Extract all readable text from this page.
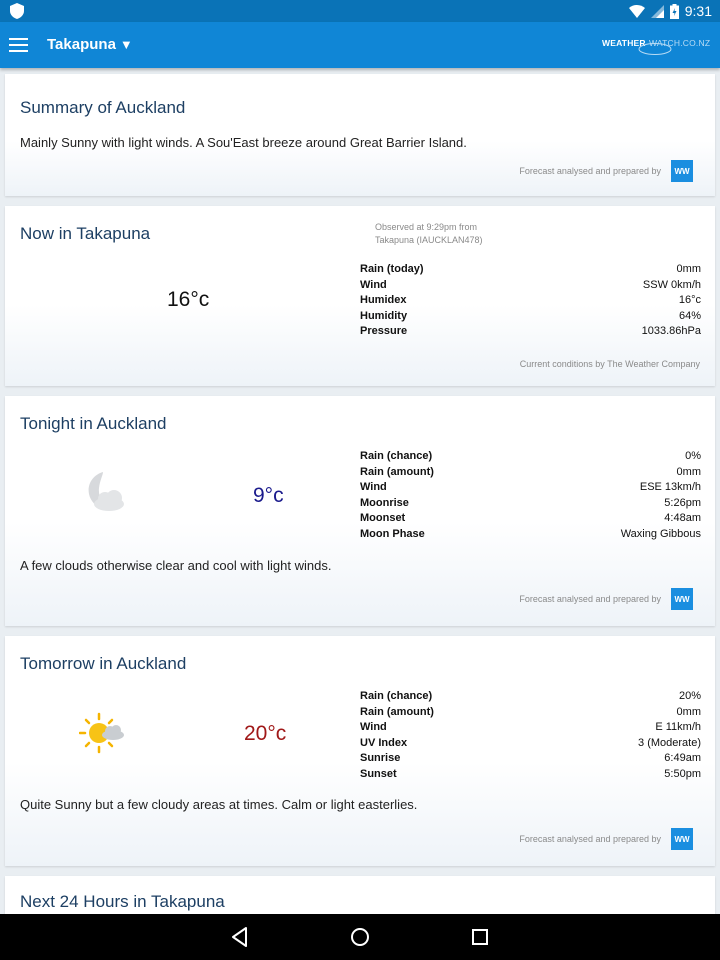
9:31
Takapuna ▼	WEATHER WATCH.CO.NZ
Summary of Auckland
Mainly Sunny with light winds. A Sou'East breeze around Great Barrier Island.
Forecast analysed and prepared by	WW
Now in Takapuna	Observed at 9:29pm from
Takapuna (IAUCKLAN478)
16°c
Rain (today)	0mm
Wind	SSW 0km/h
Humidex	16°c
Humidity	64%
Pressure	1033.86hPa
Current conditions by The Weather Company
Tonight in Auckland
9°c
Rain (chance)	0%
Rain (amount)	0mm
Wind	ESE 13km/h
Moonrise	5:26pm
Moonset	4:48am
Moon Phase	Waxing Gibbous
A few clouds otherwise clear and cool with light winds.
Forecast analysed and prepared by	WW
Tomorrow in Auckland
20°c
Rain (chance)	20%
Rain (amount)	0mm
Wind	E 11km/h
UV Index	3 (Moderate)
Sunrise	6:49am
Sunset	5:50pm
Quite Sunny but a few cloudy areas at times. Calm or light easterlies.
Forecast analysed and prepared by	WW
Next 24 Hours in Takapuna
